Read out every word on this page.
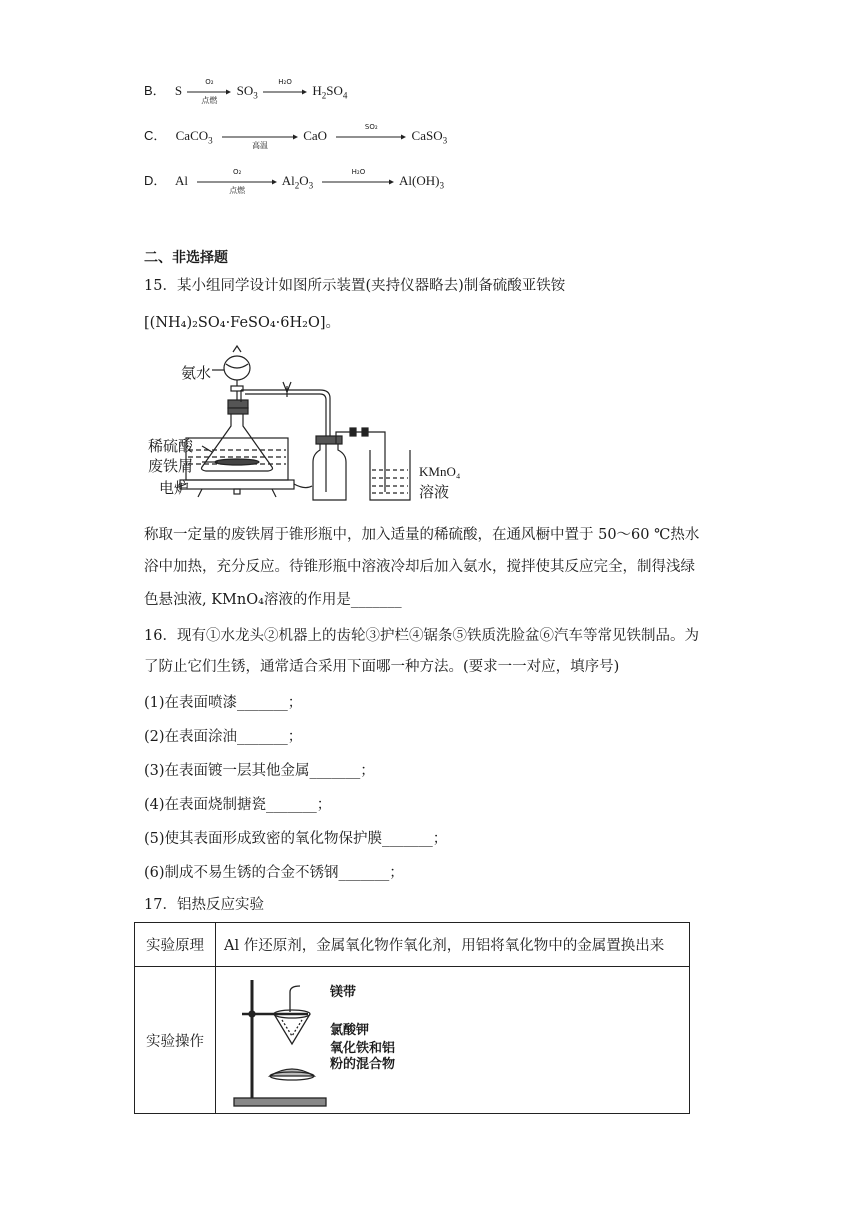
B． S
O₂
点燃
$SO_3$
H₂O
$H_2SO_4$
C． CaCO$_3$	高温
CaO
SO₂
CaSO$_3$
D． Al
O₂
点燃
$Al_2O_3$
H₂O
$Al(OH)_3$
二、非选择题
15．某小组同学设计如图所示装置(夹持仪器略去)制备硫酸亚铁铵
[(NH₄)₂SO₄·FeSO₄·6H₂O]。
氨水
稀硫酸
废铁屑
电炉
KMnO₄
溶液
称取一定量的废铁屑于锥形瓶中，加入适量的稀硫酸，在通风橱中置于 50～60 ℃热水
浴中加热，充分反应。待锥形瓶中溶液冷却后加入氨水，搅拌使其反应完全，制得浅绿
色悬浊液, KMnO₄溶液的作用是_______
16．现有①水龙头②机器上的齿轮③护栏④锯条⑤铁质洗脸盆⑥汽车等常见铁制品。为
了防止它们生锈，通常适合采用下面哪一种方法。(要求一一对应，填序号)
(1)在表面喷漆_______；
(2)在表面涂油_______；
(3)在表面镀一层其他金属_______；
(4)在表面烧制搪瓷_______；
(5)使其表面形成致密的氧化物保护膜_______；
(6)制成不易生锈的合金不锈钢_______；
17．铝热反应实验
实验原理	Al 作还原剂，金属氧化物作氧化剂，用铝将氧化物中的金属置换出来
实验操作	镁带
氯酸钾
氧化铁和铝
粉的混合物
